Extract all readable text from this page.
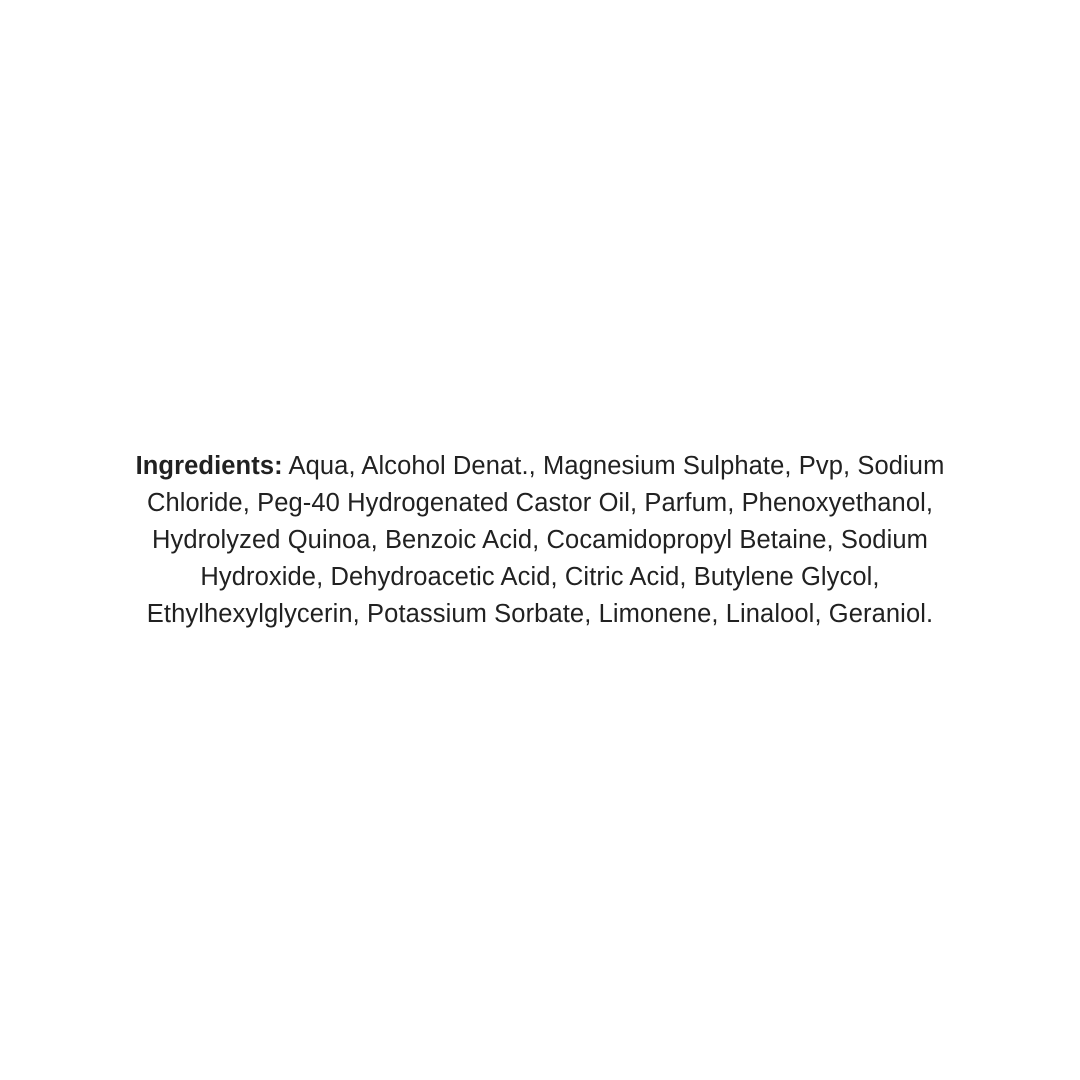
Ingredients: Aqua, Alcohol Denat., Magnesium Sulphate, Pvp, Sodium Chloride, Peg-40 Hydrogenated Castor Oil, Parfum, Phenoxyethanol, Hydrolyzed Quinoa, Benzoic Acid, Cocamidopropyl Betaine, Sodium Hydroxide, Dehydroacetic Acid, Citric Acid, Butylene Glycol, Ethylhexylglycerin, Potassium Sorbate, Limonene, Linalool, Geraniol.
